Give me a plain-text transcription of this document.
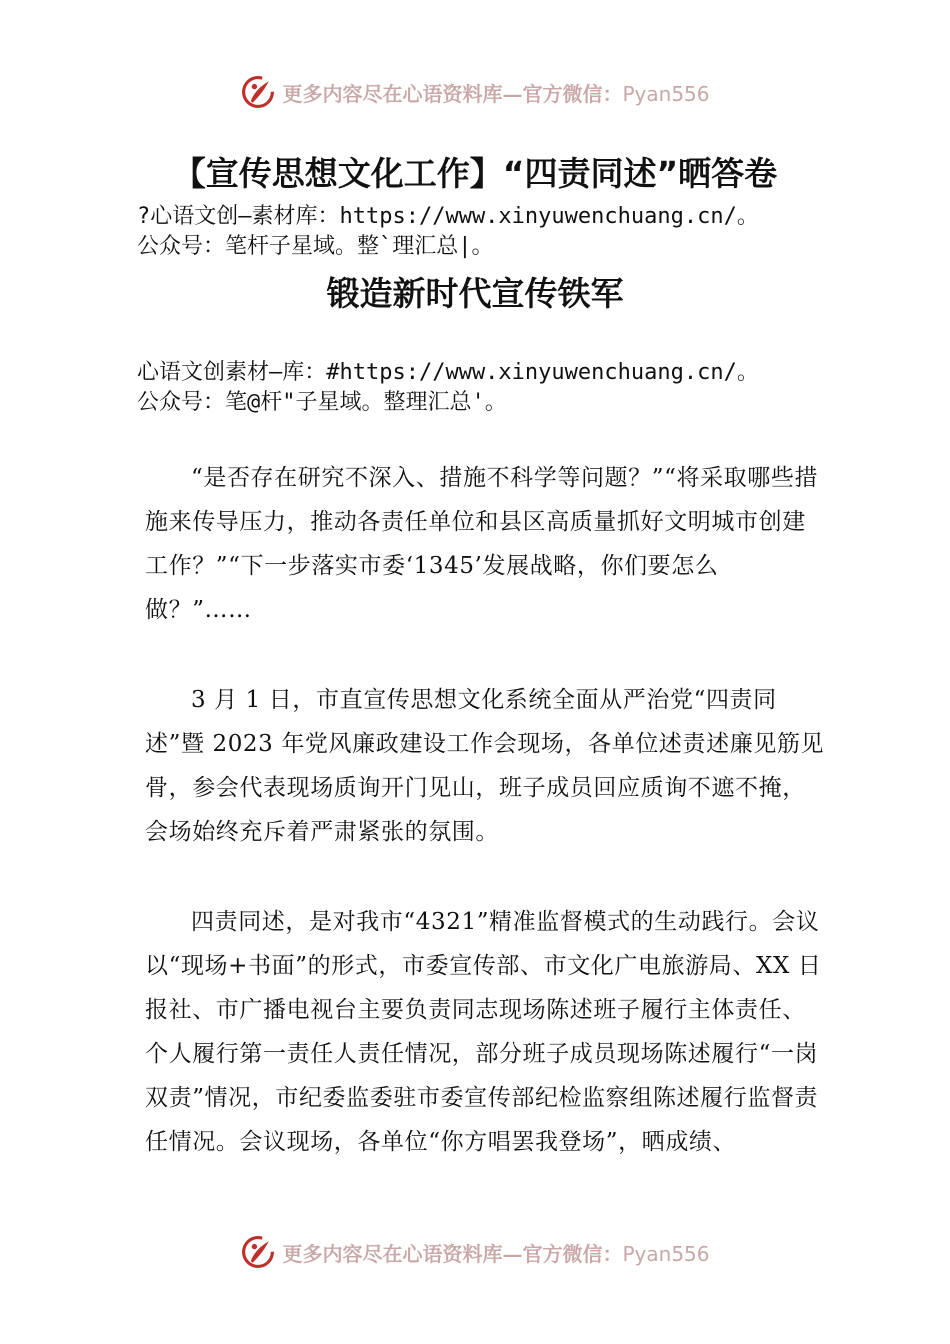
更多内容尽在心语资料库—官方微信：Pyan556
【宣传思想文化工作】“四责同述”晒答卷
?心语文创—素材库：https://www.xinyuwenchuang.cn/。
公众号：笔杆子星域。整`理汇总|。
锻造新时代宣传铁军
心语文创素材—库：#https://www.xinyuwenchuang.cn/。
公众号：笔@杆"子星域。整理汇总'。

“是否存在研究不深入、措施不科学等问题？”“将采取哪些措施来传导压力，推动各责任单位和县区高质量抓好文明城市创建工作？”“下一步落实市委‘1345’发展战略，你们要怎么做？”……

3 月 1 日，市直宣传思想文化系统全面从严治党“四责同述”暨 2023 年党风廉政建设工作会现场，各单位述责述廉见筋见骨，参会代表现场质询开门见山，班子成员回应质询不遮不掩，会场始终充斥着严肃紧张的氛围。

四责同述，是对我市“4321”精准监督模式的生动践行。会议以“现场+书面”的形式，市委宣传部、市文化广电旅游局、XX 日报社、市广播电视台主要负责同志现场陈述班子履行主体责任、个人履行第一责任人责任情况，部分班子成员现场陈述履行“一岗双责”情况，市纪委监委驻市委宣传部纪检监察组陈述履行监督责任情况。会议现场，各单位“你方唱罢我登场”，晒成绩、

更多内容尽在心语资料库—官方微信：Pyan556
